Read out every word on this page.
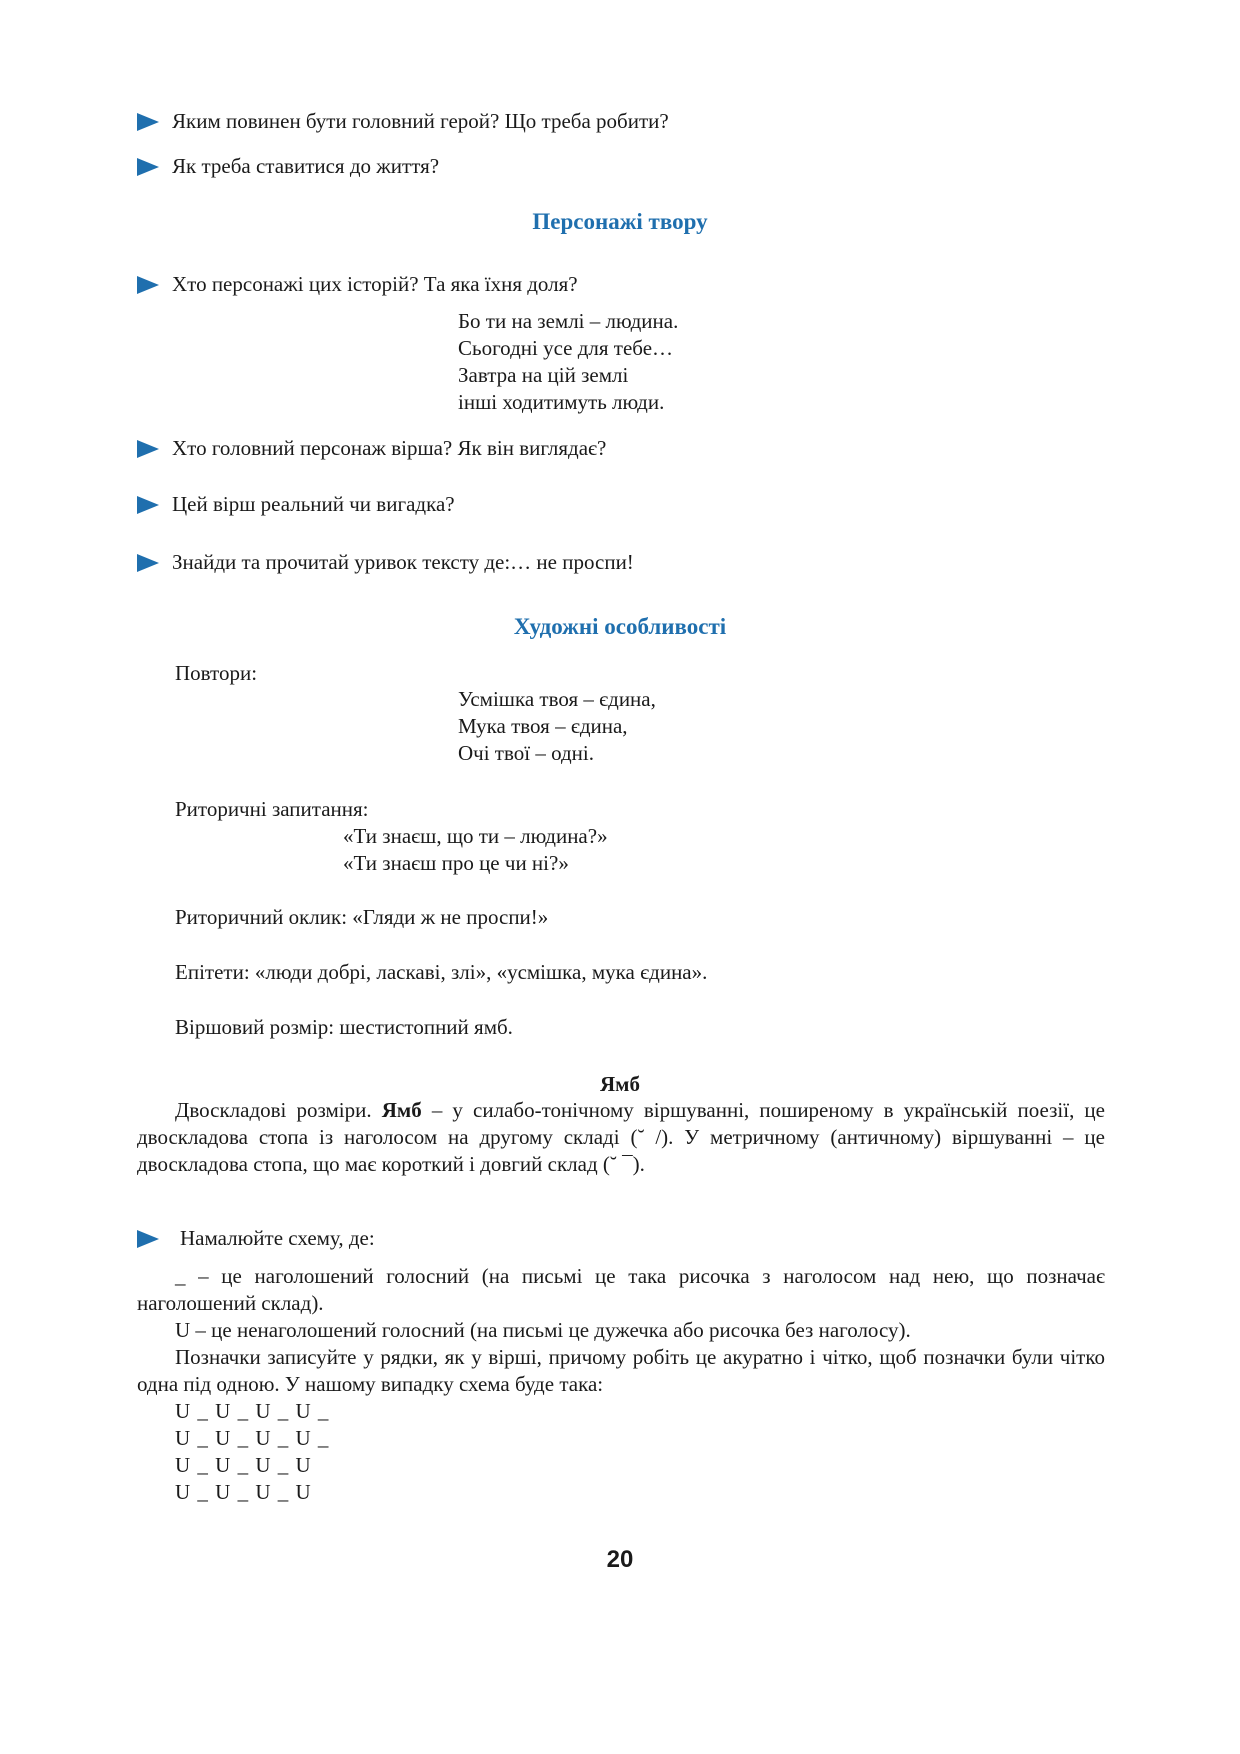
Яким повинен бути головний герой? Що треба робити?
Як треба ставитися до життя?
Персонажі твору
Хто персонажі цих історій? Та яка їхня доля?
Бо ти на землі – людина.
Сьогодні усе для тебе…
Завтра на цій землі
інші ходитимуть люди.
Хто головний персонаж вірша? Як він виглядає?
Цей вірш реальний чи вигадка?
Знайди та прочитай уривок тексту де:… не проспи!
Художні особливості
Повтори:
Усмішка твоя – єдина,
Мука твоя – єдина,
Очі твої – одні.
Риторичні запитання:
«Ти знаєш, що ти – людина?»
«Ти знаєш про це чи ні?»
Риторичний оклик: «Гляди ж не проспи!»
Епітети: «люди добрі, ласкаві, злі», «усмішка, мука єдина».
Віршовий розмір: шестистопний ямб.
Ямб
Двоскладові розміри. Ямб – у силабо-тонічному віршуванні, поширеному в українській поезії, це двоскладова стопа із наголосом на другому складі (˘ /). У метричному (античному) віршуванні – це двоскладова стопа, що має короткий і довгий склад (˘ ¯).
Намалюйте схему, де:
_ – це наголошений голосний (на письмі це така рисочка з наголосом над нею, що позначає наголошений склад).
U – це ненаголошений голосний (на письмі це дужечка або рисочка без наголосу).
Позначки записуйте у рядки, як у вірші, причому робіть це акуратно і чітко, щоб позначки були чітко одна під одною. У нашому випадку схема буде така:
U _ U _ U _ U _
U _ U _ U _ U _
U _ U _ U _ U
U _ U _ U _ U
20
